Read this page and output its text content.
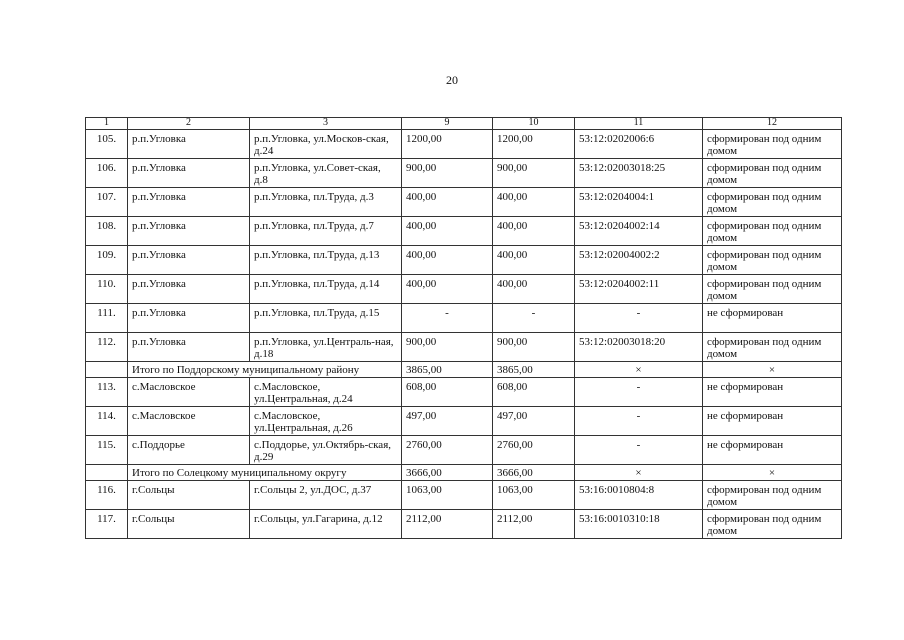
20
1	2	3	9	10	11	12
105.	р.п.Угловка	р.п.Угловка, ул.Москов-ская, д.24	1200,00	1200,00	53:12:0202006:6	сформирован под одним домом
106.	р.п.Угловка	р.п.Угловка, ул.Совет-ская, д.8	900,00	900,00	53:12:02003018:25	сформирован под одним домом
107.	р.п.Угловка	р.п.Угловка, пл.Труда, д.3	400,00	400,00	53:12:0204004:1	сформирован под одним домом
108.	р.п.Угловка	р.п.Угловка, пл.Труда, д.7	400,00	400,00	53:12:0204002:14	сформирован под одним домом
109.	р.п.Угловка	р.п.Угловка, пл.Труда, д.13	400,00	400,00	53:12:02004002:2	сформирован под одним домом
110.	р.п.Угловка	р.п.Угловка, пл.Труда, д.14	400,00	400,00	53:12:0204002:11	сформирован под одним домом
111.	р.п.Угловка	р.п.Угловка, пл.Труда, д.15	-	-	-	не сформирован
112.	р.п.Угловка	р.п.Угловка, ул.Централь-ная, д.18	900,00	900,00	53:12:02003018:20	сформирован под одним домом
	Итого по Поддорскому муниципальному району		3865,00	3865,00	×	×
113.	с.Масловское	с.Масловское, ул.Центральная, д.24	608,00	608,00	-	не сформирован
114.	с.Масловское	с.Масловское, ул.Центральная, д.26	497,00	497,00	-	не сформирован
115.	с.Поддорье	с.Поддорье, ул.Октябрь-ская, д.29	2760,00	2760,00	-	не сформирован
	Итого по Солецкому муниципальному округу		3666,00	3666,00	×	×
116.	г.Сольцы	г.Сольцы 2, ул.ДОС, д.37	1063,00	1063,00	53:16:0010804:8	сформирован под одним домом
117.	г.Сольцы	г.Сольцы, ул.Гагарина, д.12	2112,00	2112,00	53:16:0010310:18	сформирован под одним домом
